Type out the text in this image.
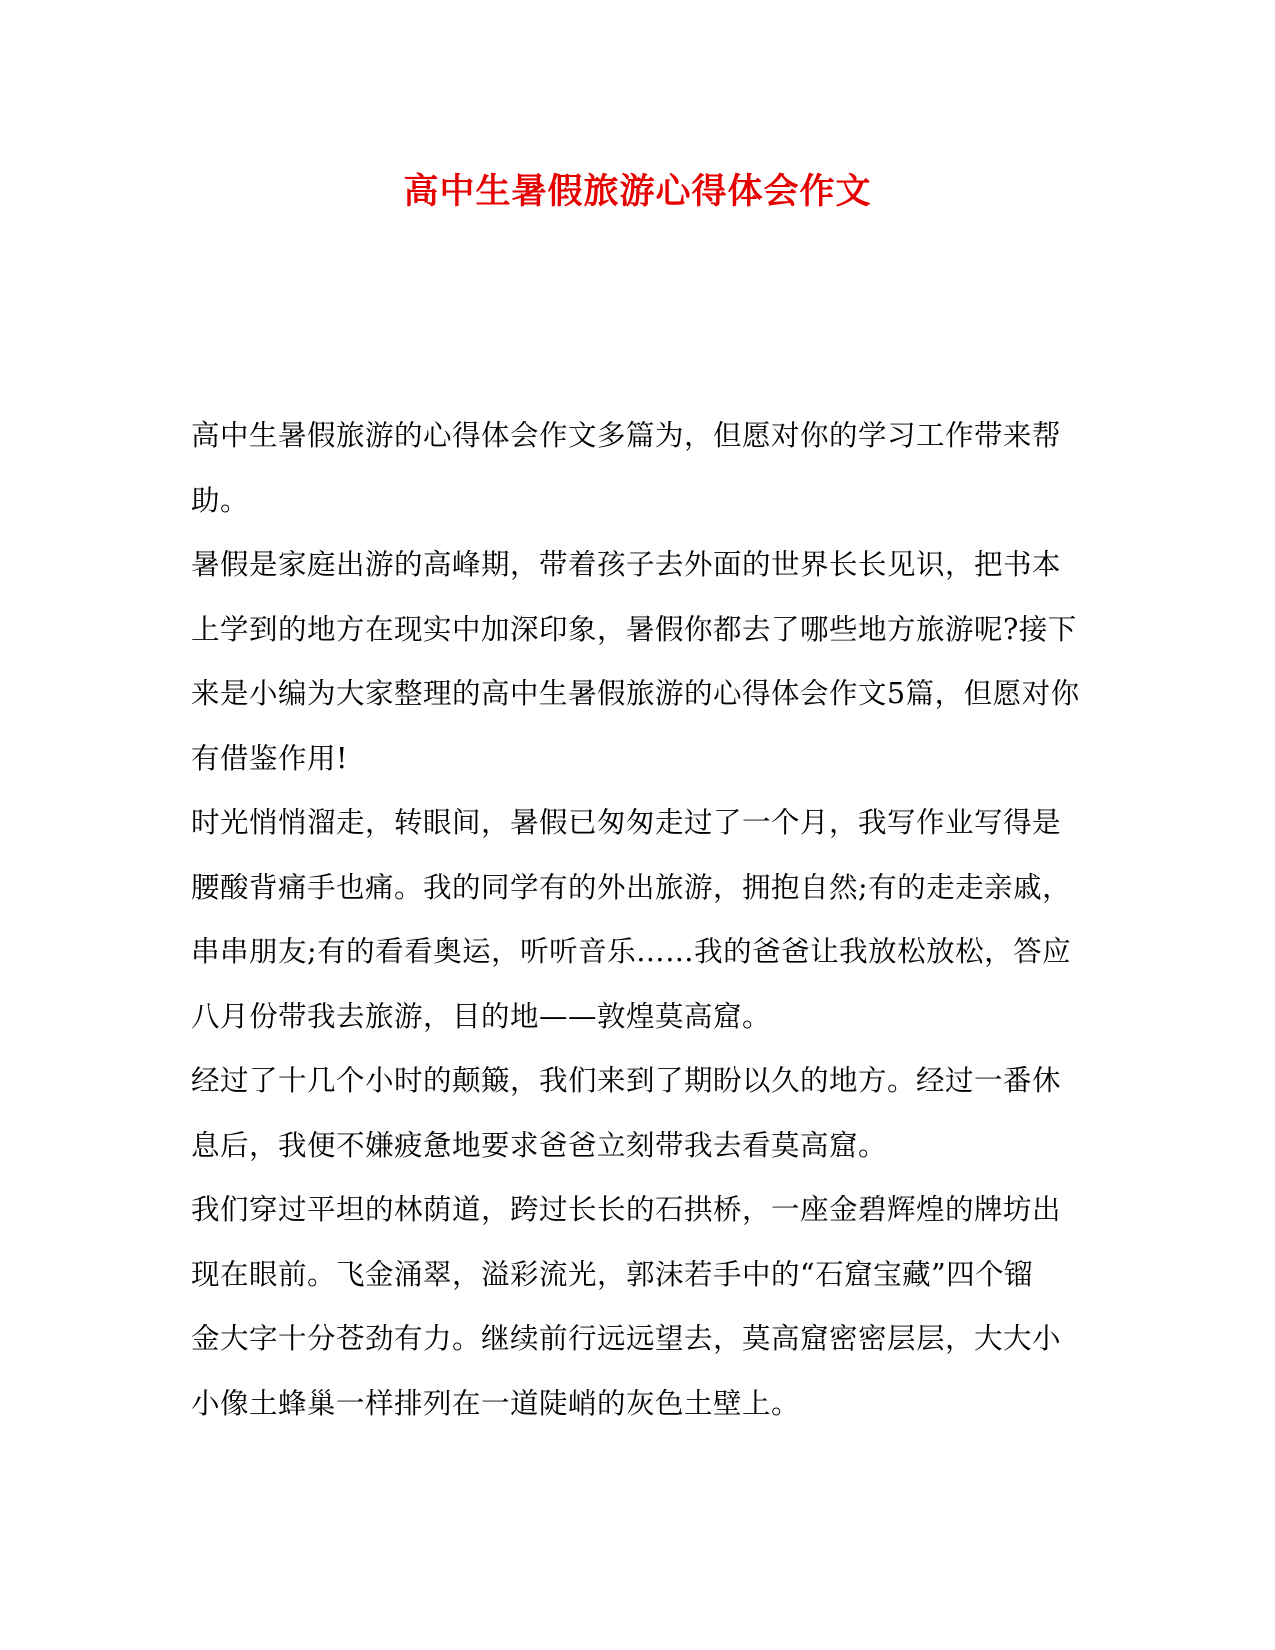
高中生暑假旅游心得体会作文

高中生暑假旅游的心得体会作文多篇为，但愿对你的学习工作带来帮

助。

暑假是家庭出游的高峰期，带着孩子去外面的世界长长见识，把书本

上学到的地方在现实中加深印象，暑假你都去了哪些地方旅游呢?接下

来是小编为大家整理的高中生暑假旅游的心得体会作文5篇，但愿对你

有借鉴作用!

时光悄悄溜走，转眼间，暑假已匆匆走过了一个月，我写作业写得是

腰酸背痛手也痛。我的同学有的外出旅游，拥抱自然;有的走走亲戚，

串串朋友;有的看看奥运，听听音乐……我的爸爸让我放松放松，答应

八月份带我去旅游，目的地——敦煌莫高窟。

经过了十几个小时的颠簸，我们来到了期盼以久的地方。经过一番休

息后，我便不嫌疲惫地要求爸爸立刻带我去看莫高窟。

我们穿过平坦的林荫道，跨过长长的石拱桥，一座金碧辉煌的牌坊出

现在眼前。飞金涌翠，溢彩流光，郭沫若手中的“石窟宝藏”四个镏

金大字十分苍劲有力。继续前行远远望去，莫高窟密密层层，大大小

小像土蜂巢一样排列在一道陡峭的灰色土壁上。
